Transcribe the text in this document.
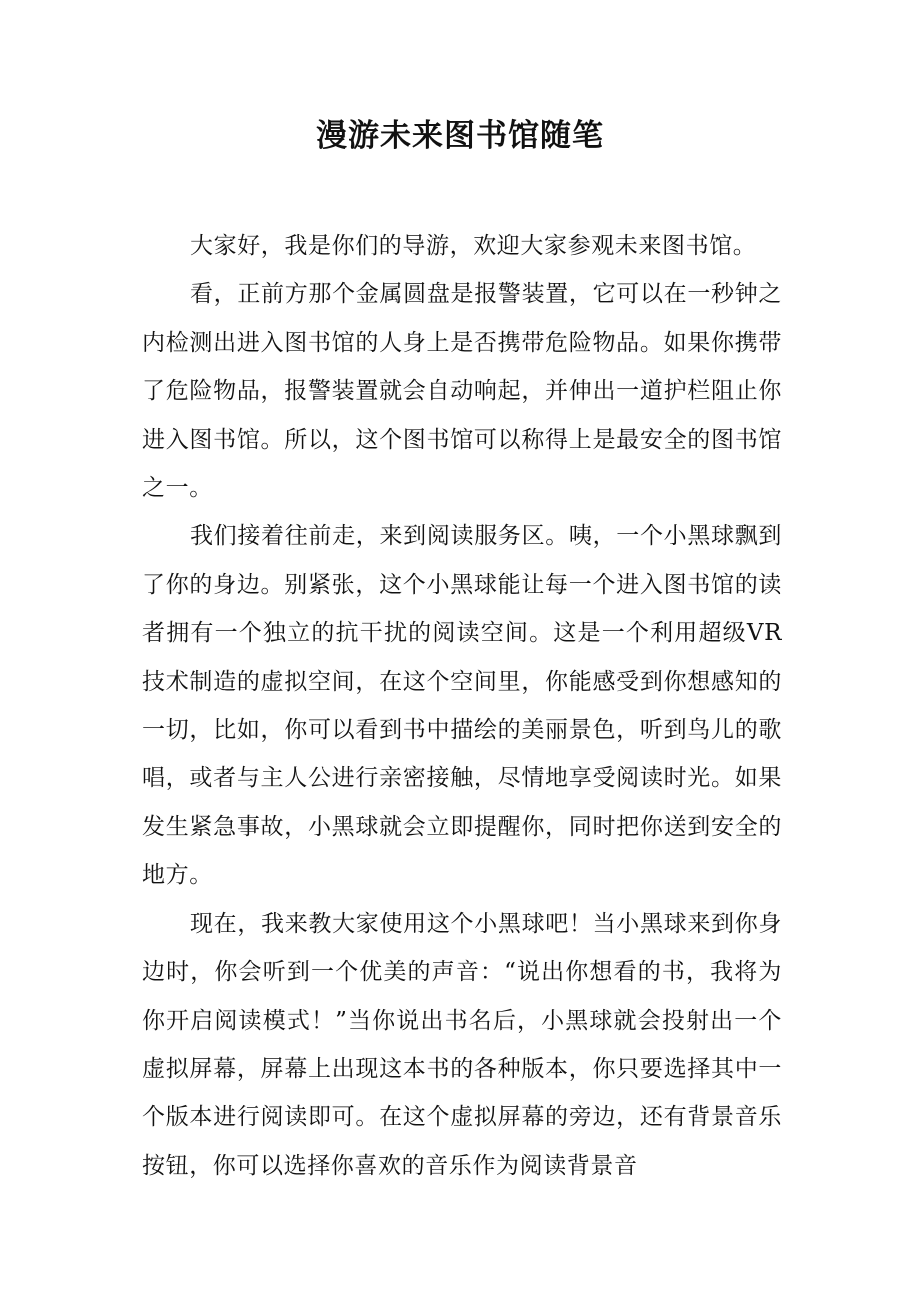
漫游未来图书馆随笔

大家好，我是你们的导游，欢迎大家参观未来图书馆。

看，正前方那个金属圆盘是报警装置，它可以在一秒钟之内检测出进入图书馆的人身上是否携带危险物品。如果你携带了危险物品，报警装置就会自动响起，并伸出一道护栏阻止你进入图书馆。所以，这个图书馆可以称得上是最安全的图书馆之一。

我们接着往前走，来到阅读服务区。咦，一个小黑球飘到了你的身边。别紧张，这个小黑球能让每一个进入图书馆的读者拥有一个独立的抗干扰的阅读空间。这是一个利用超级VR技术制造的虚拟空间，在这个空间里，你能感受到你想感知的一切，比如，你可以看到书中描绘的美丽景色，听到鸟儿的歌唱，或者与主人公进行亲密接触，尽情地享受阅读时光。如果发生紧急事故，小黑球就会立即提醒你，同时把你送到安全的地方。

现在，我来教大家使用这个小黑球吧！当小黑球来到你身边时，你会听到一个优美的声音：“说出你想看的书，我将为你开启阅读模式！”当你说出书名后，小黑球就会投射出一个虚拟屏幕，屏幕上出现这本书的各种版本，你只要选择其中一个版本进行阅读即可。在这个虚拟屏幕的旁边，还有背景音乐按钮，你可以选择你喜欢的音乐作为阅读背景音
